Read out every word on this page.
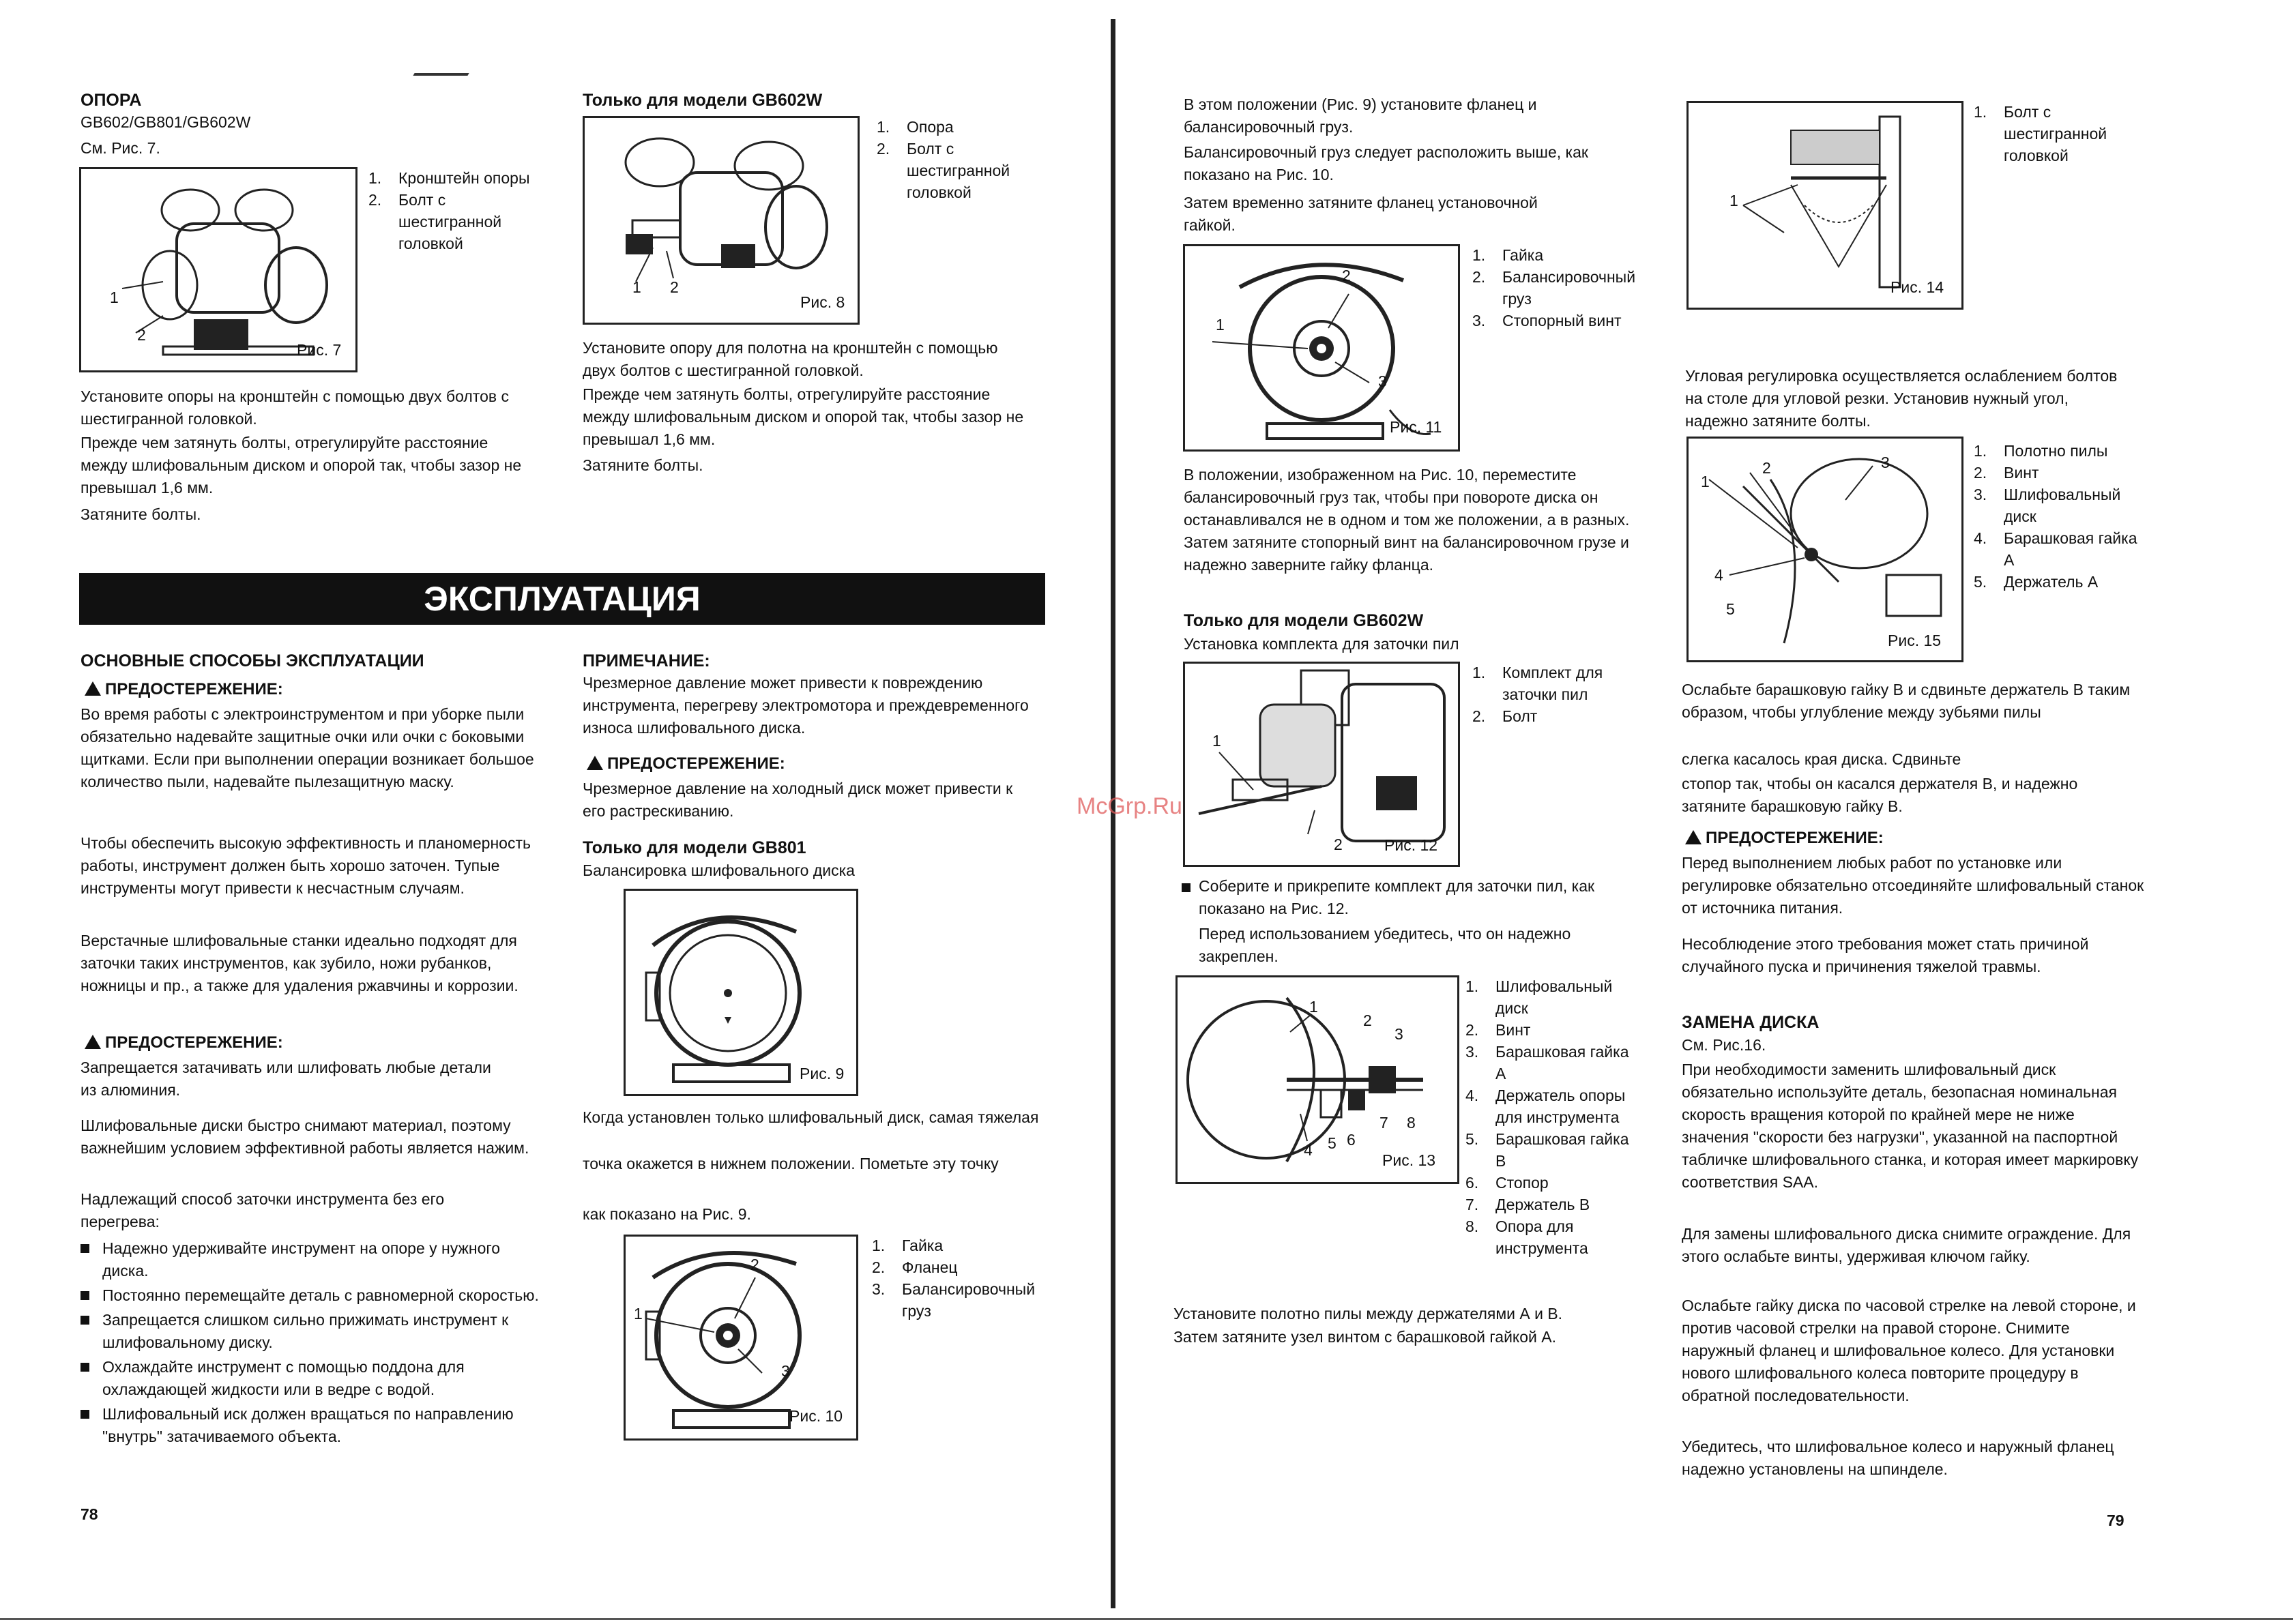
ОПОРА
GB602/GB801/GB602W
См. Рис. 7.
1
2
Рис. 7
1.	Кронштейн опоры
2.	Болт с шестигранной головкой

Установите опоры на кронштейн с помощью двух болтов с шестигранной головкой.

Прежде чем затянуть болты, отрегулируйте расстояние между шлифовальным диском и опорой так, чтобы зазор не превышал 1,6 мм.

Затяните болты.

Только для модели GB602W
1 2
Рис. 8
1.	Опора
2.	Болт с шестигранной головкой

Установите опору для полотна на кронштейн с помощью двух болтов с шестигранной головкой.

Прежде чем затянуть болты, отрегулируйте расстояние между шлифовальным диском и опорой так, чтобы зазор не превышал 1,6 мм.

Затяните болты.

ЭКСПЛУАТАЦИЯ
ОСНОВНЫЕ СПОСОБЫ ЭКСПЛУАТАЦИИ
ПРЕДОСТЕРЕЖЕНИЕ:

Во время работы с электроинструментом и при уборке пыли обязательно надевайте защитные очки или очки с боковыми щитками. Если при выполнении операции возникает большое количество пыли, надевайте пылезащитную маску.

Чтобы обеспечить высокую эффективность и планомерность работы, инструмент должен быть хорошо заточен. Тупые инструменты могут привести к несчастным случаям.

Верстачные шлифовальные станки идеально подходят для заточки таких инструментов, как зубило, ножи рубанков, ножницы и пр., а также для удаления ржавчины и коррозии.

ПРЕДОСТЕРЕЖЕНИЕ:

Запрещается затачивать или шлифовать любые детали из алюминия.

Шлифовальные диски быстро снимают материал, поэтому важнейшим условием эффективной работы является нажим.

Надлежащий способ заточки инструмента без его перегрева:

Надежно удерживайте инструмент на опоре у нужного диска.
Постоянно перемещайте деталь с равномерной скоростью.
Запрещается слишком сильно прижимать инструмент к шлифовальному диску.
Охлаждайте инструмент с помощью поддона для охлаждающей жидкости или в ведре с водой.
Шлифовальный иск должен вращаться по направлению "внутрь" затачиваемого объекта.
78
ПРИМЕЧАНИЕ:

Чрезмерное давление может привести к повреждению инструмента, перегреву электромотора и преждевременного износа шлифовального диска.

ПРЕДОСТЕРЕЖЕНИЕ:

Чрезмерное давление на холодный диск может привести к его растрескиванию.

Только для модели GB801
Балансировка шлифовального диска
Рис. 9

Когда установлен только шлифовальный диск, самая тяжелая

точка окажется в нижнем положении. Пометьте эту точку

как показано на Рис. 9.

1
2
3
Рис. 10
1.	Гайка
2.	Фланец
3.	Балансировочный груз

В этом положении (Рис. 9) установите фланец и балансировочный груз.

Балансировочный груз следует расположить выше, как показано на Рис. 10.

Затем временно затяните фланец установочной гайкой.

1
2
3
Рис. 11
1.	Гайка
2.	Балансировочный груз
3.	Стопорный винт

В положении, изображенном на Рис. 10, переместите балансировочный груз так, чтобы при повороте диска он останавливался не в одном и том же положении, а в разных. Затем затяните стопорный винт на балансировочном грузе и надежно заверните гайку фланца.

Только для модели GB602W
Установка комплекта для заточки пил
1
2	Рис. 12
1.	Комплект для заточки пил
2.	Болт

Соберите и прикрепите комплект для заточки пил, как показано на Рис. 12.

Перед использованием убедитесь, что он надежно закреплен.

1
2
3
4 5 6
7 8
Рис. 13
1.	Шлифовальный диск
2.	Винт
3.	Барашковая гайка А
4.	Держатель опоры для инструмента
5.	Барашковая гайка В
6.	Стопор
7.	Держатель В
8.	Опора для инструмента

Установите полотно пилы между держателями А и В.

Затем затяните узел винтом с барашковой гайкой А.

1
Рис. 14
1.	Болт с шестигранной головкой

Угловая регулировка осуществляется ослаблением болтов на столе для угловой резки. Установив нужный угол, надежно затяните болты.

1
2	3
4
5
Рис. 15
1.	Полотно пилы
2.	Винт
3.	Шлифовальный диск
4.	Барашковая гайка А
5.	Держатель А

Ослабьте барашковую гайку В и сдвиньте держатель В таким образом, чтобы углубление между зубьями пилы

слегка касалось края диска. Сдвиньте

стопор так, чтобы он касался держателя В, и надежно затяните барашковую гайку В.

ПРЕДОСТЕРЕЖЕНИЕ:

Перед выполнением любых работ по установке или регулировке обязательно отсоединяйте шлифовальный станок от источника питания.

Несоблюдение этого требования может стать причиной случайного пуска и причинения тяжелой травмы.

ЗАМЕНА ДИСКА
См. Рис.16.

При необходимости заменить шлифовальный диск обязательно используйте деталь, безопасная номинальная скорость вращения которой по крайней мере не ниже значения "скорости без нагрузки", указанной на паспортной табличке шлифовального станка, и которая имеет маркировку соответствия SAA.

Для замены шлифовального диска снимите ограждение. Для этого ослабьте винты, удерживая ключом гайку.

Ослабьте гайку диска по часовой стрелке на левой стороне, и против часовой стрелки на правой стороне. Снимите наружный фланец и шлифовальное колесо. Для установки нового шлифовального колеса повторите процедуру в обратной последовательности.

Убедитесь, что шлифовальное колесо и наружный фланец надежно установлены на шпинделе.

79
McGrp.Ru
